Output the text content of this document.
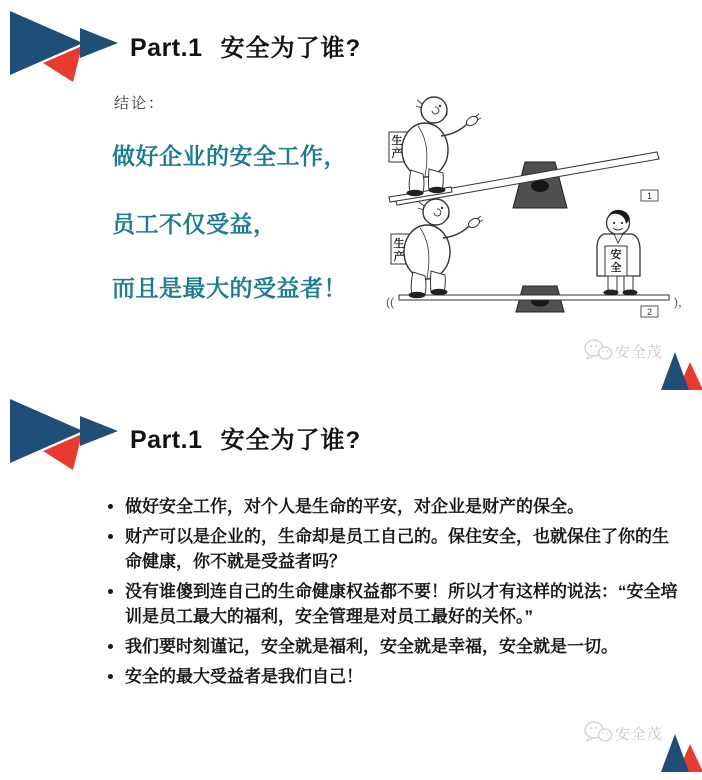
Part.1 安全为了谁?
结论：
做好企业的安全工作，
员工不仅受益，
而且是最大的受益者！
1
2
((	)，
生产
生产	安全
安全茂
Part.1 安全为了谁?
• 做好安全工作，对个人是生命的平安，对企业是财产的保全。
• 财产可以是企业的，生命却是员工自己的。保住安全，也就保住了你的生命健康，你不就是受益者吗？
• 没有谁傻到连自己的生命健康权益都不要！所以才有这样的说法：“安全培训是员工最大的福利，安全管理是对员工最好的关怀。”
• 我们要时刻谨记，安全就是福利，安全就是幸福，安全就是一切。
• 安全的最大受益者是我们自己！
安全茂
